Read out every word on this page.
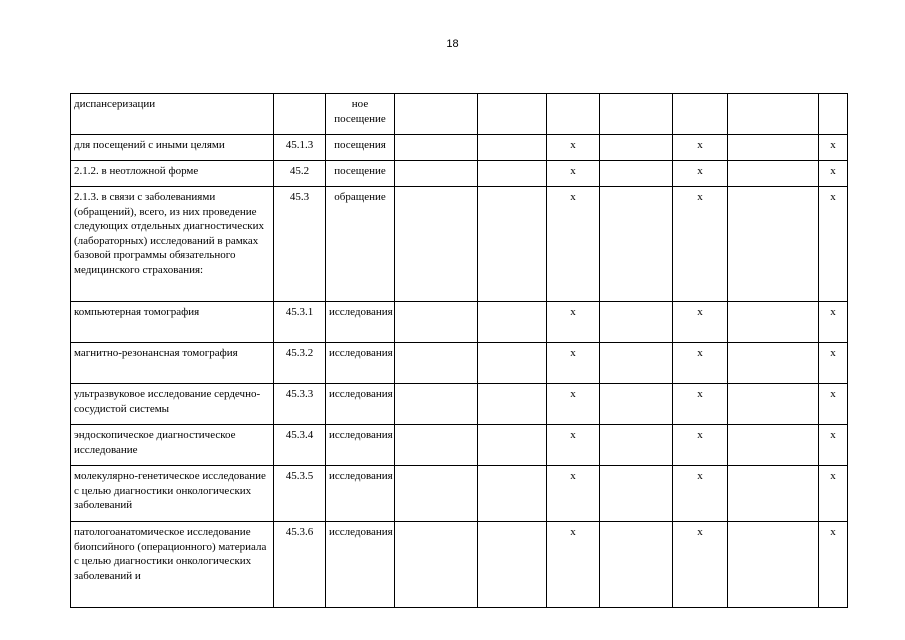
18
диспансеризации		ное посещение							
для посещений с иными целями	45.1.3	посещения			х		х		х
2.1.2. в неотложной форме	45.2	посещение			х		х		х
2.1.3. в связи с заболеваниями (обращений), всего, из них проведение следующих отдельных диагностических (лабораторных) исследований в рамках базовой программы обязательного медицинского страхования:	45.3	обращение			х		х		х
компьютерная томография	45.3.1	исследования			х		х		х
магнитно-резонансная томография	45.3.2	исследования			х		х		х
ультразвуковое исследование сердечно-сосудистой системы	45.3.3	исследования			х		х		х
эндоскопическое диагностическое исследование	45.3.4	исследования			х		х		х
молекулярно-генетическое исследование с целью диагностики онкологических заболеваний	45.3.5	исследования			х		х		х
патологоанатомическое исследование биопсийного (операционного) материала с целью диагностики онкологических заболеваний и	45.3.6	исследования			х		х		х
